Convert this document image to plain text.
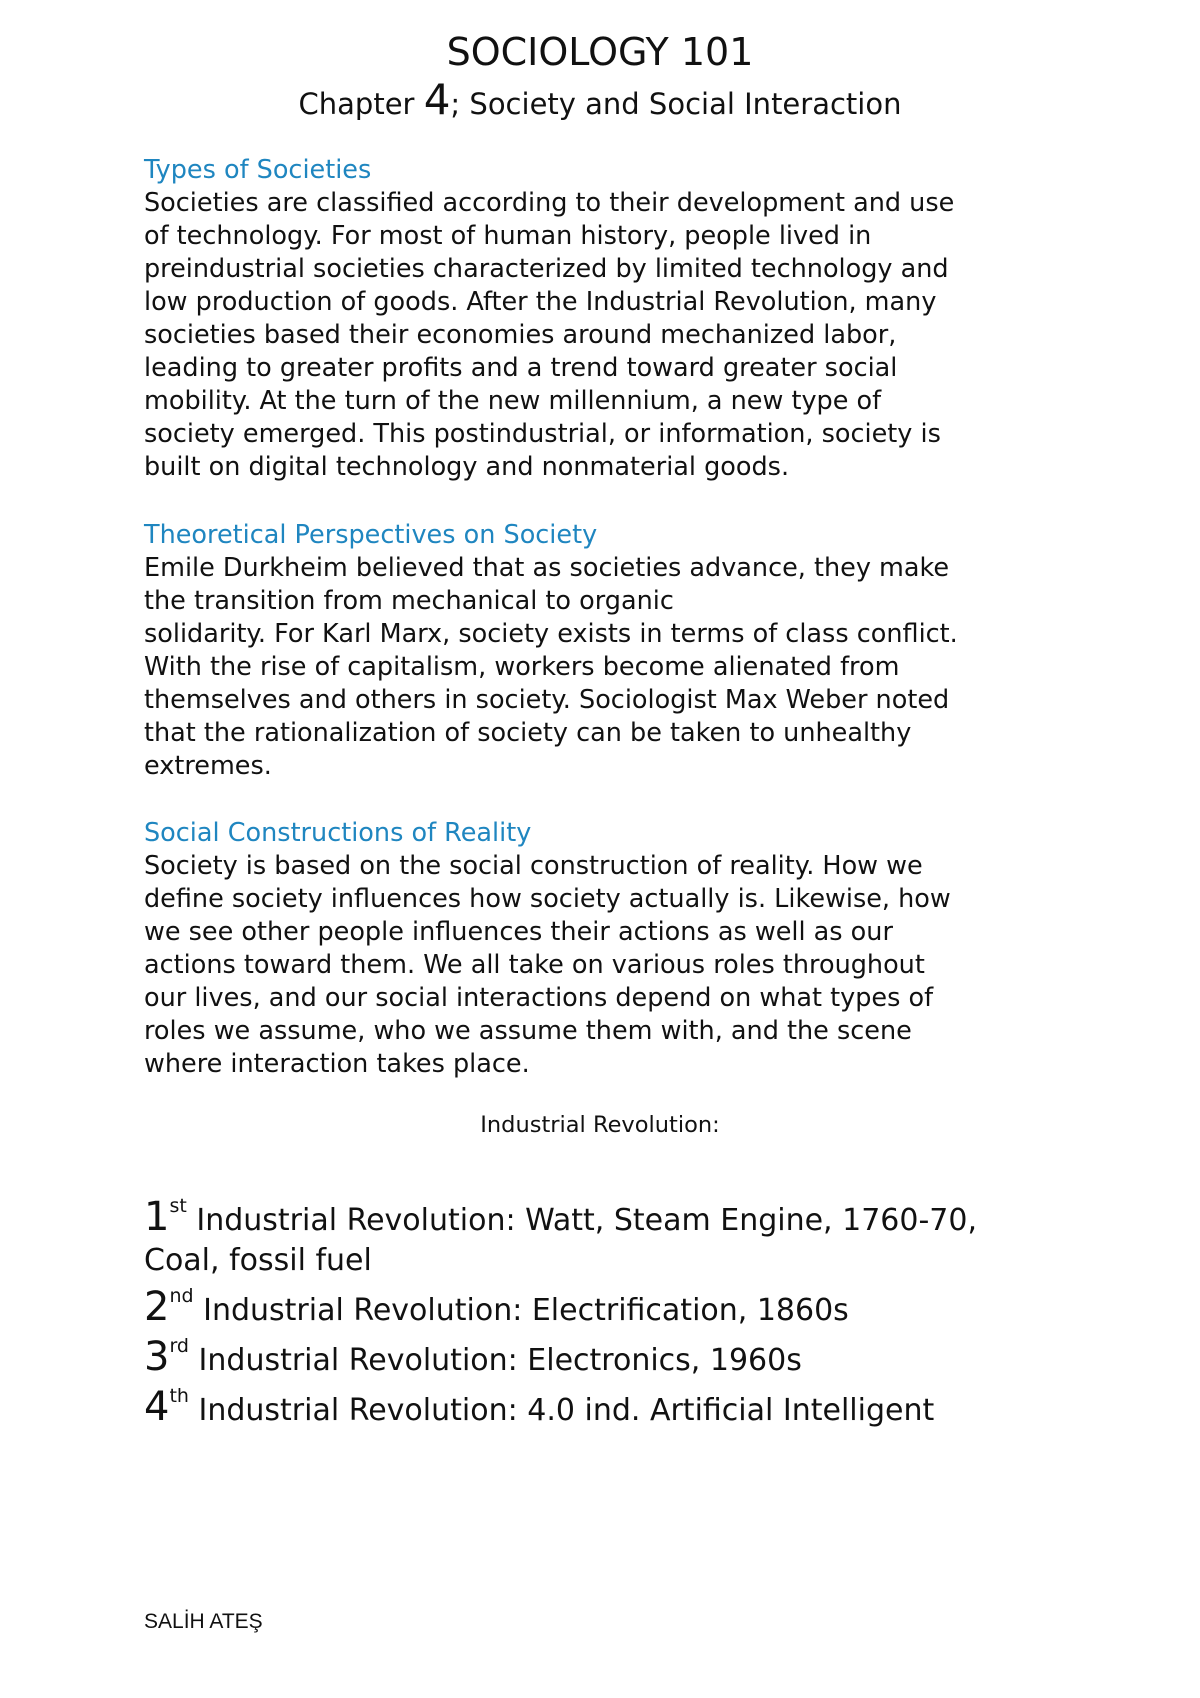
SOCIOLOGY 101
Chapter 4; Society and Social Interaction
Types of Societies

Societies are classified according to their development and use
of technology. For most of human history, people lived in
preindustrial societies characterized by limited technology and
low production of goods. After the Industrial Revolution, many
societies based their economies around mechanized labor,
leading to greater profits and a trend toward greater social
mobility. At the turn of the new millennium, a new type of
society emerged. This postindustrial, or information, society is
built on digital technology and nonmaterial goods.

Theoretical Perspectives on Society

Emile Durkheim believed that as societies advance, they make
the transition from mechanical to organic
solidarity. For Karl Marx, society exists in terms of class conflict.
With the rise of capitalism, workers become alienated from
themselves and others in society. Sociologist Max Weber noted
that the rationalization of society can be taken to unhealthy
extremes.

Social Constructions of Reality

Society is based on the social construction of reality. How we
define society influences how society actually is. Likewise, how
we see other people influences their actions as well as our
actions toward them. We all take on various roles throughout
our lives, and our social interactions depend on what types of
roles we assume, who we assume them with, and the scene
where interaction takes place.

Industrial Revolution:
1st Industrial Revolution: Watt, Steam Engine, 1760-70,
Coal, fossil fuel
2nd Industrial Revolution: Electrification, 1860s
3rd Industrial Revolution: Electronics, 1960s
4th Industrial Revolution: 4.0 ind. Artificial Intelligent
SALİH ATEŞ
